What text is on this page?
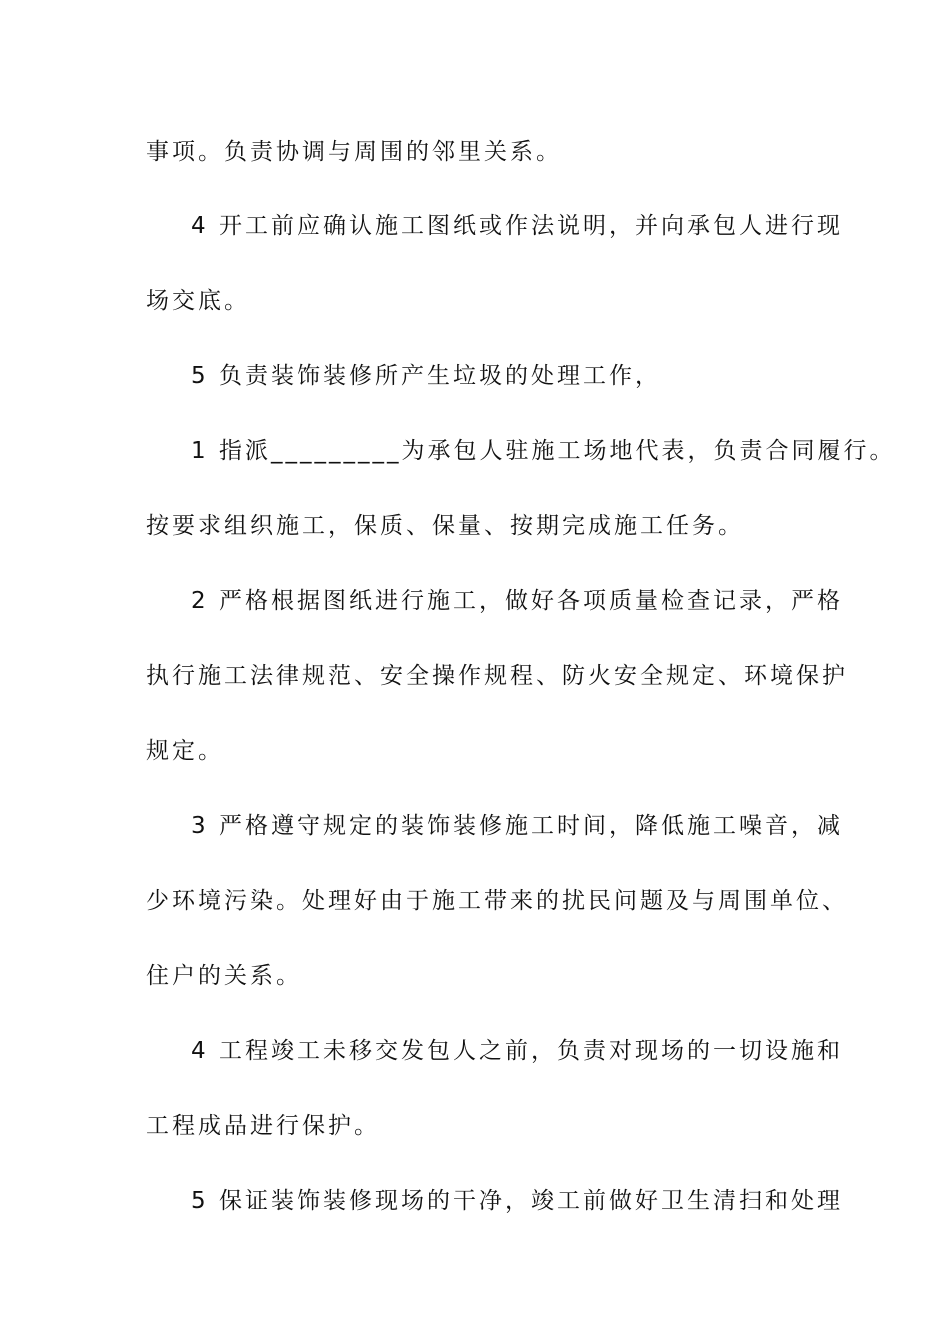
事项。负责协调与周围的邻里关系。
4 开工前应确认施工图纸或作法说明，并向承包人进行现
场交底。
5 负责装饰装修所产生垃圾的处理工作，
1 指派_________为承包人驻施工场地代表，负责合同履行。
按要求组织施工，保质、保量、按期完成施工任务。
2 严格根据图纸进行施工，做好各项质量检查记录，严格
执行施工法律规范、安全操作规程、防火安全规定、环境保护
规定。
3 严格遵守规定的装饰装修施工时间，降低施工噪音，减
少环境污染。处理好由于施工带来的扰民问题及与周围单位、
住户的关系。
4 工程竣工未移交发包人之前，负责对现场的一切设施和
工程成品进行保护。
5 保证装饰装修现场的干净，竣工前做好卫生清扫和处理
